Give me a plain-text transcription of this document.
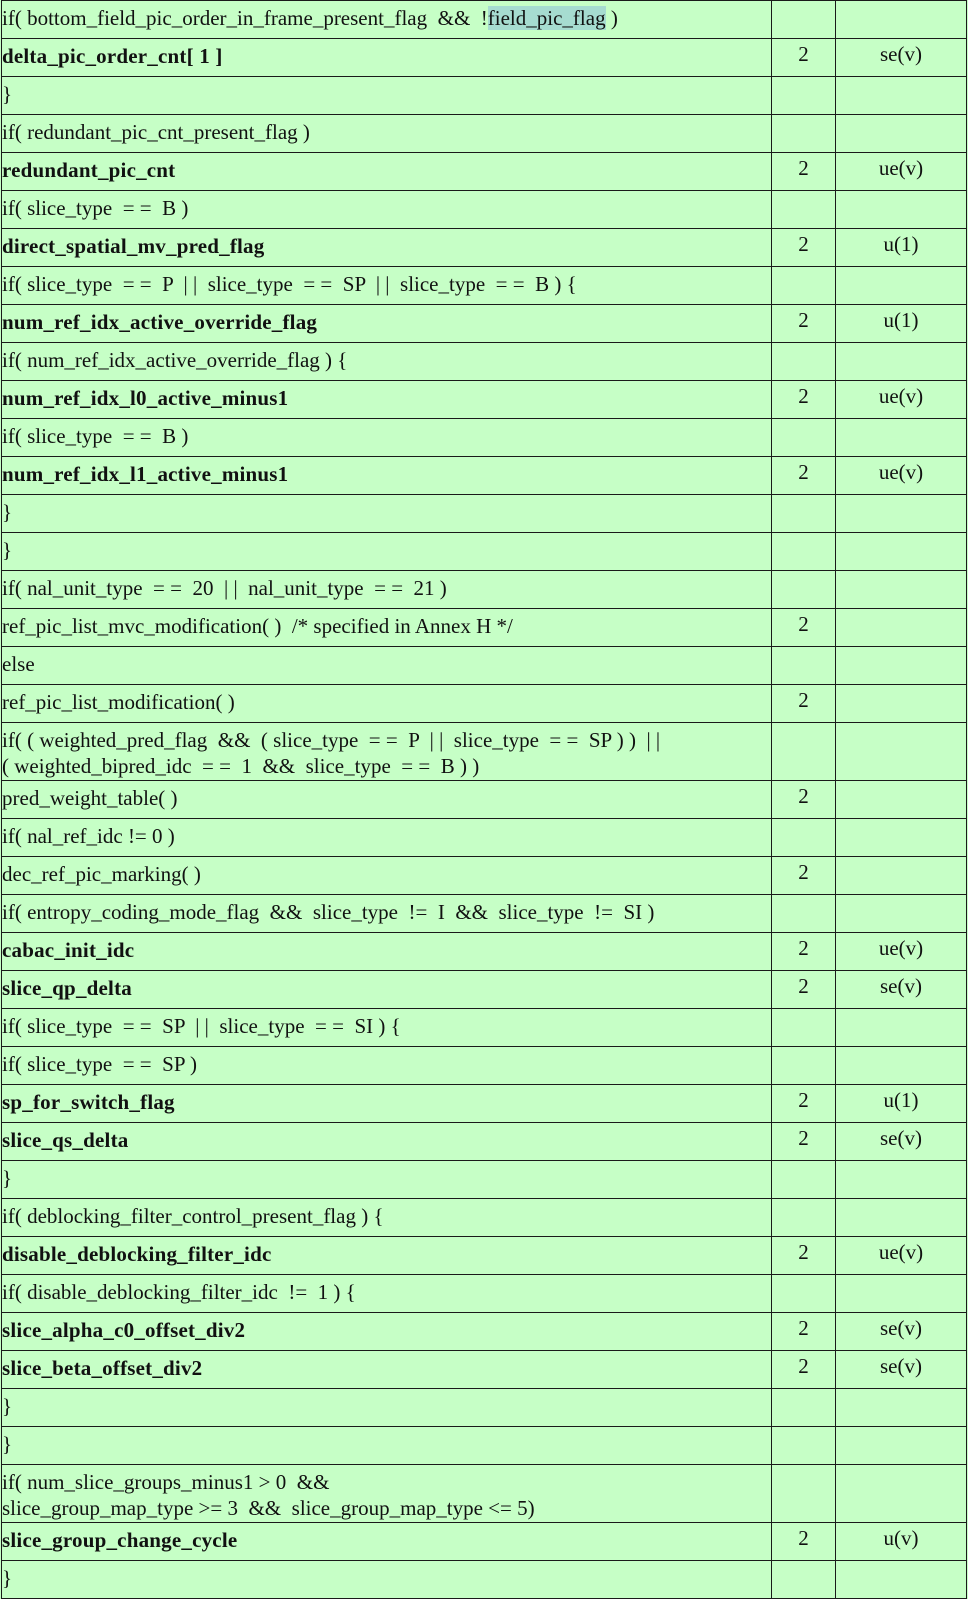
if( bottom_field_pic_order_in_frame_present_flag  &&  !field_pic_flag )		

delta_pic_order_cnt[ 1 ]	2	se(v)

}		

if( redundant_pic_cnt_present_flag )		

redundant_pic_cnt	2	ue(v)

if( slice_type  = =  B )		

direct_spatial_mv_pred_flag	2	u(1)

if( slice_type  = =  P  | |  slice_type  = =  SP  | |  slice_type  = =  B ) {		

num_ref_idx_active_override_flag	2	u(1)

if( num_ref_idx_active_override_flag ) {		

num_ref_idx_l0_active_minus1	2	ue(v)

if( slice_type  = =  B )		

num_ref_idx_l1_active_minus1	2	ue(v)

}		

}		

if( nal_unit_type  = =  20  | |  nal_unit_type  = =  21 )		

ref_pic_list_mvc_modification( )  /* specified in Annex H */	2	

else		

ref_pic_list_modification( )	2	

if( ( weighted_pred_flag  &&  ( slice_type  = =  P  | |  slice_type  = =  SP ) )  | |
( weighted_bipred_idc  = =  1  &&  slice_type  = =  B ) )		

pred_weight_table( )	2	

if( nal_ref_idc != 0 )		

dec_ref_pic_marking( )	2	

if( entropy_coding_mode_flag  &&  slice_type  !=  I  &&  slice_type  !=  SI )		

cabac_init_idc	2	ue(v)

slice_qp_delta	2	se(v)

if( slice_type  = =  SP  | |  slice_type  = =  SI ) {		

if( slice_type  = =  SP )		

sp_for_switch_flag	2	u(1)

slice_qs_delta	2	se(v)

}		

if( deblocking_filter_control_present_flag ) {		

disable_deblocking_filter_idc	2	ue(v)

if( disable_deblocking_filter_idc  !=  1 ) {		

slice_alpha_c0_offset_div2	2	se(v)

slice_beta_offset_div2	2	se(v)

}		

}		

if( num_slice_groups_minus1 > 0  &&
slice_group_map_type >= 3  &&  slice_group_map_type <= 5)		

slice_group_change_cycle	2	u(v)

}		
